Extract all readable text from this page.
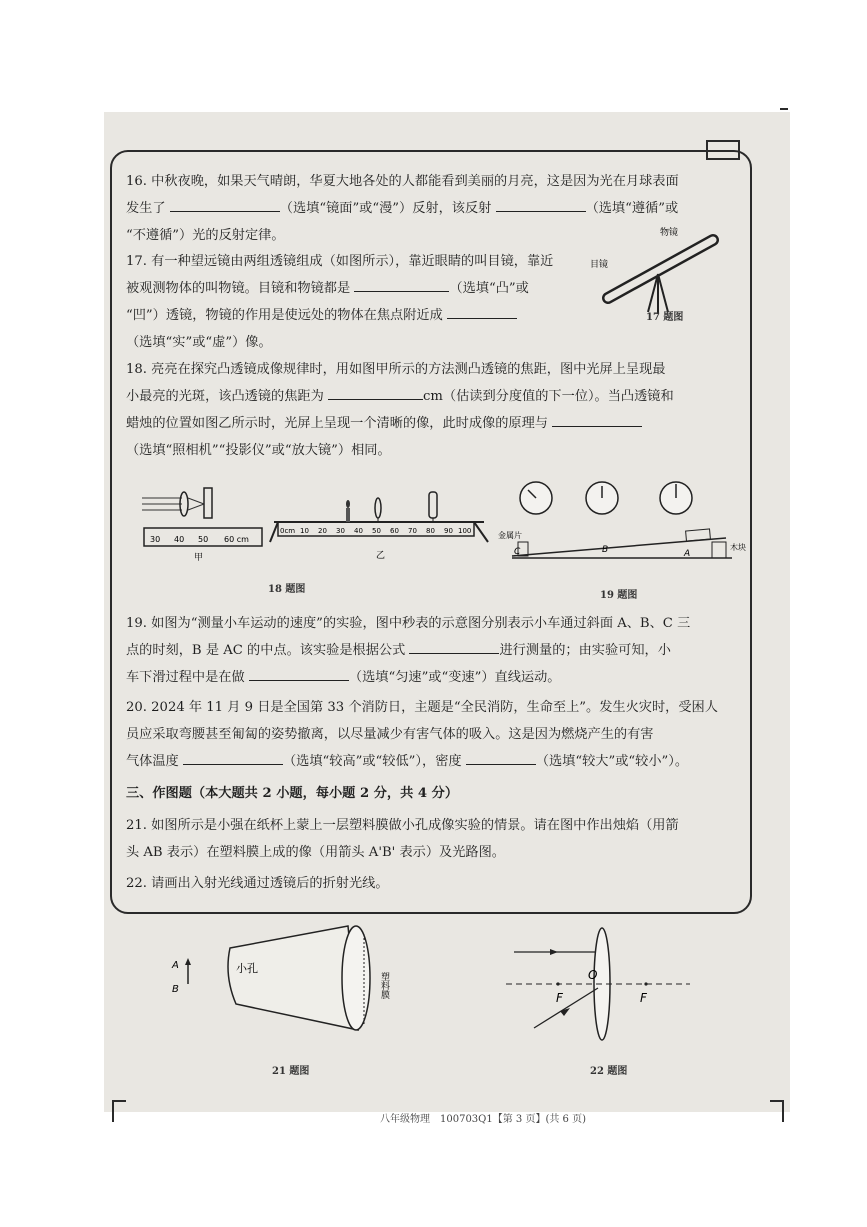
16. 中秋夜晚，如果天气晴朗，华夏大地各处的人都能看到美丽的月亮，这是因为光在月球表面

发生了	（选填“镜面”或“漫”）反射，该反射	（选填“遵循”或

“不遵循”）光的反射定律。

17. 有一种望远镜由两组透镜组成（如图所示），靠近眼睛的叫目镜，靠近

被观测物体的叫物镜。目镜和物镜都是	（选填“凸”或

“凹”）透镜，物镜的作用是使远处的物体在焦点附近成

（选填“实”或“虚”）像。

物镜
目镜
17 题图

18. 亮亮在探究凸透镜成像规律时，用如图甲所示的方法测凸透镜的焦距，图中光屏上呈现最

小最亮的光斑，该凸透镜的焦距为	cm（估读到分度值的下一位）。当凸透镜和

蜡烛的位置如图乙所示时，光屏上呈现一个清晰的像，此时成像的原理与

（选填“照相机”“投影仪”或“放大镜”）相同。

30 40 50 60 cm
甲
0cm 10 20 30 40 50 60 70 80 90 100
乙
18 题图
C	B	A
金属片
木块
19 题图

19. 如图为“测量小车运动的速度”的实验，图中秒表的示意图分别表示小车通过斜面 A、B、C 三

点的时刻，B 是 AC 的中点。该实验是根据公式	进行测量的；由实验可知，小

车下滑过程中是在做	（选填“匀速”或“变速”）直线运动。

20. 2024 年 11 月 9 日是全国第 33 个消防日，主题是“全民消防，生命至上”。发生火灾时，受困人

员应采取弯腰甚至匍匐的姿势撤离，以尽量减少有害气体的吸入。这是因为燃烧产生的有害

气体温度	（选填“较高”或“较低”），密度	（选填“较大”或“较小”）。

三、作图题（本大题共 2 小题，每小题 2 分，共 4 分）

21. 如图所示是小强在纸杯上蒙上一层塑料膜做小孔成像实验的情景。请在图中作出烛焰（用箭

头 AB 表示）在塑料膜上成的像（用箭头 A'B' 表示）及光路图。

22. 请画出入射光线通过透镜后的折射光线。
A
B
小孔
塑料膜
21 题图
O
F	F
22 题图
八年级物理　100703Q1【第 3 页】(共 6 页)
